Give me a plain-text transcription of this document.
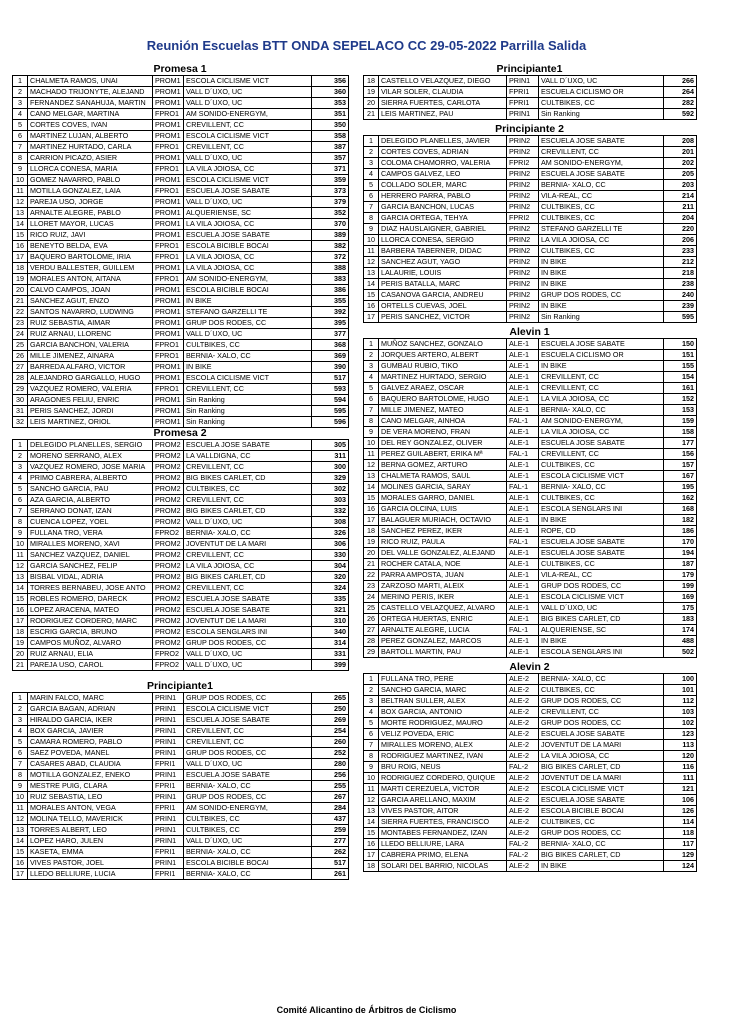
Reunión Escuelas BTT ONDA SEPELACO CC 29-05-2022 Parrilla Salida
Promesa 1
1	CHALMETA RAMOS, UNAI	PROM1	ESCOLA CICLISME VICT	356
2	MACHADO TRIJONYTE, ALEJAND	PROM1	VALL D´UXO, UC	360
3	FERNANDEZ SANAHUJA, MARTIN	PROM1	VALL D´UXO, UC	353
4	CANO MELGAR, MARTINA	FPRO1	AM SONIDO-ENERGYM,	351
5	CORTES COVES, IVAN	PROM1	CREVILLENT, CC	350
6	MARTINEZ LUJAN, ALBERTO	PROM1	ESCOLA CICLISME VICT	358
7	MARTINEZ HURTADO, CARLA	FPRO1	CREVILLENT, CC	387
8	CARRION PICAZO, ASIER	PROM1	VALL D´UXO, UC	357
9	LLORCA CONESA, MARIA	FPRO1	LA VILA JOIOSA, CC	371
10	GOMEZ NAVARRO, PABLO	PROM1	ESCOLA CICLISME VICT	359
11	MOTILLA GONZALEZ, LAIA	FPRO1	ESCUELA JOSE SABATE	373
12	PAREJA USO, JORGE	PROM1	VALL D´UXO, UC	379
13	ARNALTE ALEGRE, PABLO	PROM1	ALQUERIENSE, SC	352
14	LLORET MAYOR, LUCAS	PROM1	LA VILA JOIOSA, CC	370
15	RICO RUIZ, JAVI	PROM1	ESCUELA JOSE SABATE	389
16	BENEYTO BELDA, EVA	FPRO1	ESCOLA BICIBLE BOCAI	382
17	BAQUERO BARTOLOME, IRIA	FPRO1	LA VILA JOIOSA, CC	372
18	VERDU BALLESTER, GUILLEM	PROM1	LA VILA JOIOSA, CC	388
19	MORALES ANTON, AITANA	FPRO1	AM SONIDO-ENERGYM,	383
20	CALVO CAMPOS, JOAN	PROM1	ESCOLA BICIBLE BOCAI	386
21	SANCHEZ AGUT, ENZO	PROM1	IN BIKE	355
22	SANTOS NAVARRO, LUDWING	PROM1	STEFANO GARZELLI TE	392
23	RUIZ SEBASTIA, AIMAR	PROM1	GRUP DOS RODES, CC	395
24	RUIZ ARNAU, LLORENC	PROM1	VALL D´UXO, UC	377
25	GARCIA BANCHON, VALERIA	FPRO1	CULTBIKES, CC	368
26	MILLE JIMENEZ, AINARA	FPRO1	BERNIA- XALO, CC	369
27	BARREDA ALFARO, VICTOR	PROM1	IN BIKE	390
28	ALEJANDRO GARGALLO, HUGO	PROM1	ESCOLA CICLISME VICT	517
29	VAZQUEZ ROMERO, VALERIA	FPRO1	CREVILLENT, CC	593
30	ARAGONES FELIU, ENRIC	PROM1	Sin Ranking	594
31	PERIS SANCHEZ, JORDI	PROM1	Sin Ranking	595
32	LEIS MARTINEZ, ORIOL	PROM1	Sin Ranking	596
Promesa 2
1	DELEGIDO PLANELLES, SERGIO	PROM2	ESCUELA JOSE SABATE	305
2	MORENO SERRANO, ALEX	PROM2	LA VALLDIGNA, CC	311
3	VAZQUEZ ROMERO, JOSE MARIA	PROM2	CREVILLENT, CC	300
4	PRIMO CABRERA, ALBERTO	PROM2	BIG BIKES CARLET, CD	329
5	SANCHO GARCIA, PAU	PROM2	CULTBIKES, CC	302
6	AZA GARCIA, ALBERTO	PROM2	CREVILLENT, CC	303
7	SERRANO DONAT, IZAN	PROM2	BIG BIKES CARLET, CD	332
8	CUENCA LOPEZ, YOEL	PROM2	VALL D´UXO, UC	308
9	FULLANA TRO, VERA	FPRO2	BERNIA- XALO, CC	326
10	MIRALLES MORENO, XAVI	PROM2	JOVENTUT DE LA MARI	306
11	SANCHEZ VAZQUEZ, DANIEL	PROM2	CREVILLENT, CC	330
12	GARCIA SANCHEZ, FELIP	PROM2	LA VILA JOIOSA, CC	304
13	BISBAL VIDAL, ADRIA	PROM2	BIG BIKES CARLET, CD	320
14	TORRES BERNABEU, JOSE ANTO	PROM2	CREVILLENT, CC	324
15	ROBLES ROMERO, DARECK	PROM2	ESCUELA JOSE SABATE	335
16	LOPEZ ARACENA, MATEO	PROM2	ESCUELA JOSE SABATE	321
17	RODRIGUEZ CORDERO, MARC	PROM2	JOVENTUT DE LA MARI	310
18	ESCRIG GARCIA, BRUNO	PROM2	ESCOLA SENGLARS INI	340
19	CAMPOS MUÑOZ, ALVARO	PROM2	GRUP DOS RODES, CC	314
20	RUIZ ARNAU, ELIA	FPRO2	VALL D´UXO, UC	331
21	PAREJA USO, CAROL	FPRO2	VALL D´UXO, UC	399
Principiante1
1	MARIN FALCO, MARC	PRIN1	GRUP DOS RODES, CC	265
2	GARCIA BAGAN, ADRIAN	PRIN1	ESCOLA CICLISME VICT	250
3	HIRALDO GARCIA, IKER	PRIN1	ESCUELA JOSE SABATE	269
4	BOX GARCIA, JAVIER	PRIN1	CREVILLENT, CC	254
5	CAMARA ROMERO, PABLO	PRIN1	CREVILLENT, CC	260
6	SAEZ POVEDA, MANEL	PRIN1	GRUP DOS RODES, CC	252
7	CASARES ABAD, CLAUDIA	FPRI1	VALL D´UXO, UC	280
8	MOTILLA GONZALEZ, ENEKO	PRIN1	ESCUELA JOSE SABATE	256
9	MESTRE PUIG, CLARA	FPRI1	BERNIA- XALO, CC	255
10	RUIZ SEBASTIA, LEO	PRIN1	GRUP DOS RODES, CC	267
11	MORALES ANTON, VEGA	FPRI1	AM SONIDO-ENERGYM,	284
12	MOLINA TELLO, MAVERICK	PRIN1	CULTBIKES, CC	437
13	TORRES ALBERT, LEO	PRIN1	CULTBIKES, CC	259
14	LOPEZ HARO, JULEN	PRIN1	VALL D´UXO, UC	277
15	KASETA, EMMA	FPRI1	BERNIA- XALO, CC	262
16	VIVES PASTOR, JOEL	PRIN1	ESCOLA BICIBLE BOCAI	517
17	LLEDO BELLIURE, LUCIA	FPRI1	BERNIA- XALO, CC	261
Principiante1
18	CASTELLO VELAZQUEZ, DIEGO	PRIN1	VALL D´UXO, UC	266
19	VILAR SOLER, CLAUDIA	FPRI1	ESCUELA CICLISMO OR	264
20	SIERRA FUERTES, CARLOTA	FPRI1	CULTBIKES, CC	282
21	LEIS MARTINEZ, PAU	PRIN1	Sin Ranking	592
Principiante 2
1	DELEGIDO PLANELLES, JAVIER	PRIN2	ESCUELA JOSE SABATE	208
2	CORTES COVES, ADRIAN	PRIN2	CREVILLENT, CC	201
3	COLOMA CHAMORRO, VALERIA	FPRI2	AM SONIDO-ENERGYM,	202
4	CAMPOS GALVEZ, LEO	PRIN2	ESCUELA JOSE SABATE	205
5	COLLADO SOLER, MARC	PRIN2	BERNIA- XALO, CC	203
6	HERRERO PARRA, PABLO	PRIN2	VILA-REAL, CC	214
7	GARCIA BANCHON, LUCAS	PRIN2	CULTBIKES, CC	211
8	GARCIA ORTEGA, TEHYA	FPRI2	CULTBIKES, CC	204
9	DIAZ HAUSLAIGNER, GABRIEL	PRIN2	STEFANO GARZELLI TE	220
10	LLORCA CONESA, SERGIO	PRIN2	LA VILA JOIOSA, CC	206
11	BARBERA TABERNER, DIDAC	PRIN2	CULTBIKES, CC	233
12	SANCHEZ AGUT, YAGO	PRIN2	IN BIKE	212
13	LALAURIE, LOUIS	PRIN2	IN BIKE	218
14	PERIS BATALLA, MARC	PRIN2	IN BIKE	238
15	CASANOVA GARCIA, ANDREU	PRIN2	GRUP DOS RODES, CC	240
16	ORTELLS CUEVAS, JOEL	PRIN2	IN BIKE	239
17	PERIS SANCHEZ, VICTOR	PRIN2	Sin Ranking	595
Alevin 1
1	MUÑOZ SANCHEZ, GONZALO	ALE-1	ESCUELA JOSE SABATE	150
2	JORQUES ARTERO, ALBERT	ALE-1	ESCUELA CICLISMO OR	151
3	GUMBAU RUBIO, TIKO	ALE-1	IN BIKE	155
4	MARTINEZ HURTADO, SERGIO	ALE-1	CREVILLENT, CC	154
5	GALVEZ ARAEZ, OSCAR	ALE-1	CREVILLENT, CC	161
6	BAQUERO BARTOLOME, HUGO	ALE-1	LA VILA JOIOSA, CC	152
7	MILLE JIMENEZ, MATEO	ALE-1	BERNIA- XALO, CC	153
8	CANO MELGAR, AINHOA	FAL-1	AM SONIDO-ENERGYM,	159
9	DE VERA MORENO, FRAN	ALE-1	LA VILA JOIOSA, CC	158
10	DEL REY GONZALEZ, OLIVER	ALE-1	ESCUELA JOSE SABATE	177
11	PEREZ GUILABERT, ERIKA Mª	FAL-1	CREVILLENT, CC	156
12	BERNA GOMEZ, ARTURO	ALE-1	CULTBIKES, CC	157
13	CHALMETA RAMOS, SAUL	ALE-1	ESCOLA CICLISME VICT	167
14	MOLINES GARCIA, SARAY	FAL-1	BERNIA- XALO, CC	195
15	MORALES GARRO, DANIEL	ALE-1	CULTBIKES, CC	162
16	GARCIA OLCINA, LUIS	ALE-1	ESCOLA SENGLARS INI	168
17	BALAGUER MURIACH, OCTAVIO	ALE-1	IN BIKE	182
18	SANCHEZ PEREZ, IKER	ALE-1	ROPE, CD	186
19	RICO RUIZ, PAULA	FAL-1	ESCUELA JOSE SABATE	170
20	DEL VALLE GONZALEZ, ALEJAND	ALE-1	ESCUELA JOSE SABATE	194
21	ROCHER CATALA, NOE	ALE-1	CULTBIKES, CC	187
22	PARRA AMPOSTA, JUAN	ALE-1	VILA-REAL, CC	179
23	ZARZOSO MARTI, ALEIX	ALE-1	GRUP DOS RODES, CC	199
24	MERINO PERIS, IKER	ALE-1	ESCOLA CICLISME VICT	169
25	CASTELLO VELAZQUEZ, ALVARO	ALE-1	VALL D´UXO, UC	175
26	ORTEGA HUERTAS, ENRIC	ALE-1	BIG BIKES CARLET, CD	183
27	ARNALTE ALEGRE, LUCIA	FAL-1	ALQUERIENSE, SC	174
28	PEREZ GONZALEZ, MARCOS	ALE-1	IN BIKE	488
29	BARTOLL MARTIN, PAU	ALE-1	ESCOLA SENGLARS INI	502
Alevin 2
1	FULLANA TRO, PERE	ALE-2	BERNIA- XALO, CC	100
2	SANCHO GARCIA, MARC	ALE-2	CULTBIKES, CC	101
3	BELTRAN SULLER, ALEX	ALE-2	GRUP DOS RODES, CC	112
4	BOX GARCIA, ANTONIO	ALE-2	CREVILLENT, CC	103
5	MORTE RODRIGUEZ, MAURO	ALE-2	GRUP DOS RODES, CC	102
6	VELIZ POVEDA, ERIC	ALE-2	ESCUELA JOSE SABATE	123
7	MIRALLES MORENO, ALEX	ALE-2	JOVENTUT DE LA MARI	113
8	RODRIGUEZ MARTINEZ, IVAN	ALE-2	LA VILA JOIOSA, CC	120
9	BRU ROIG, NEUS	FAL-2	BIG BIKES CARLET, CD	116
10	RODRIGUEZ CORDERO, QUIQUE	ALE-2	JOVENTUT DE LA MARI	111
11	MARTI CEREZUELA, VICTOR	ALE-2	ESCOLA CICLISME VICT	121
12	GARCIA ARELLANO, MAXIM	ALE-2	ESCUELA JOSE SABATE	106
13	VIVES PASTOR, AITOR	ALE-2	ESCOLA BICIBLE BOCAI	126
14	SIERRA FUERTES, FRANCISCO	ALE-2	CULTBIKES, CC	114
15	MONTABES FERNANDEZ, IZAN	ALE-2	GRUP DOS RODES, CC	118
16	LLEDO BELLIURE, LARA	FAL-2	BERNIA- XALO, CC	117
17	CABRERA PRIMO, ELENA	FAL-2	BIG BIKES CARLET, CD	129
18	SOLARI DEL BARRIO, NICOLAS	ALE-2	IN BIKE	124
Comité Alicantino de Árbitros de Ciclismo
